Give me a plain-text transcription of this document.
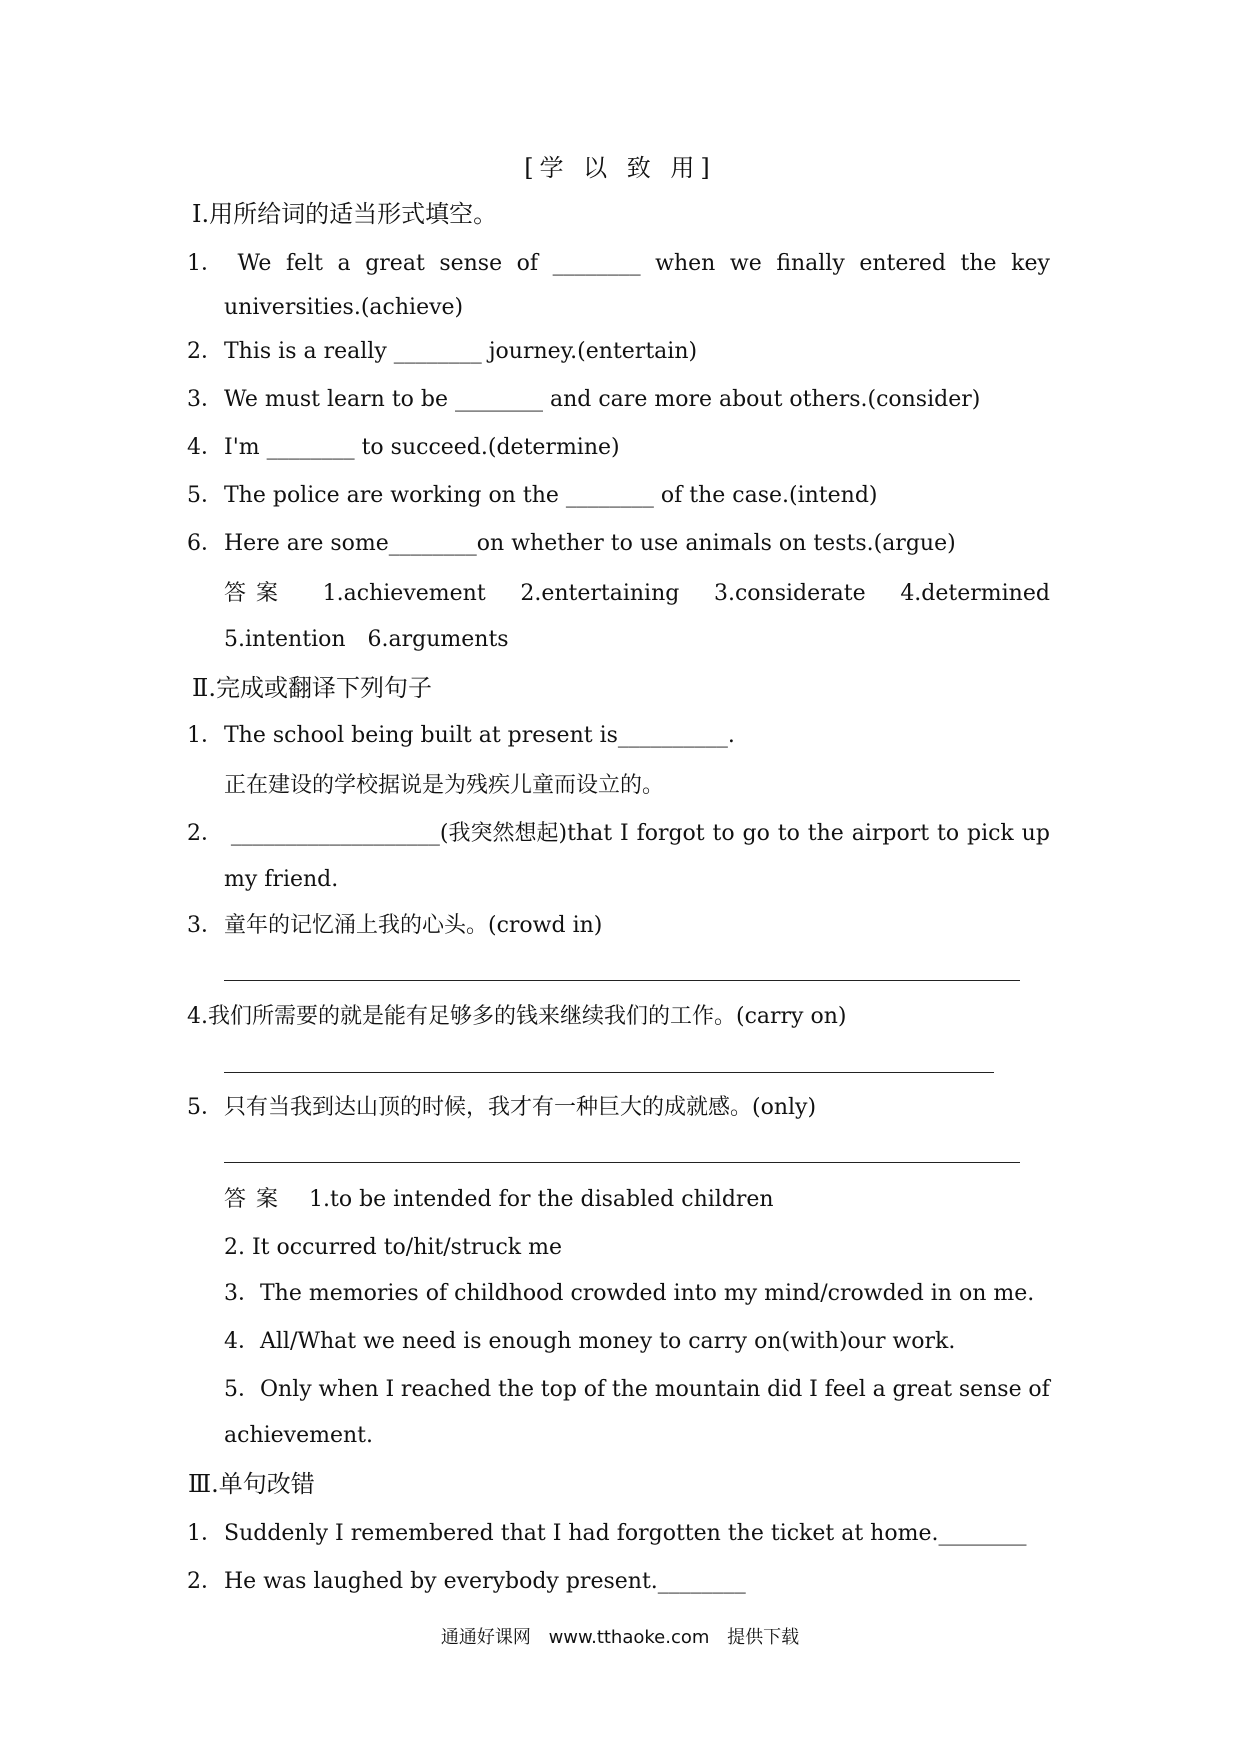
[学 以 致 用]
Ⅰ.用所给词的适当形式填空。
1． We felt a great sense of ________ when we finally entered the key
universities.(achieve)
2． This is a really ________ journey.(entertain)
3． We must learn to be ________ and care more about others.(consider)
4． I'm ________ to succeed.(determine)
5． The police are working on the ________ of the case.(intend)
6． Here are some________on whether to use animals on tests.(argue)
答案 1.achievement 2.entertaining 3.considerate 4.determined
5.intention　6.arguments
Ⅱ.完成或翻译下列句子
1． The school being built at present is__________.
正在建设的学校据说是为残疾儿童而设立的。
2． ___________________(我突然想起)that I forgot to go to the airport to pick up
my friend.
3． 童年的记忆涌上我的心头。(crowd in)
4.我们所需要的就是能有足够多的钱来继续我们的工作。(carry on)
5． 只有当我到达山顶的时候，我才有一种巨大的成就感。(only)
答案 1.to be intended for the disabled children
2. It occurred to/hit/struck me
3．The memories of childhood crowded into my mind/crowded in on me.
4．All/What we need is enough money to carry on(with)our work.
5．Only when I reached the top of the mountain did I feel a great sense of
achievement.
Ⅲ.单句改错
1． Suddenly I remembered that I had forgotten the ticket at home.________
2． He was laughed by everybody present.________
通通好课网 www.tthaoke.com 提供下载
